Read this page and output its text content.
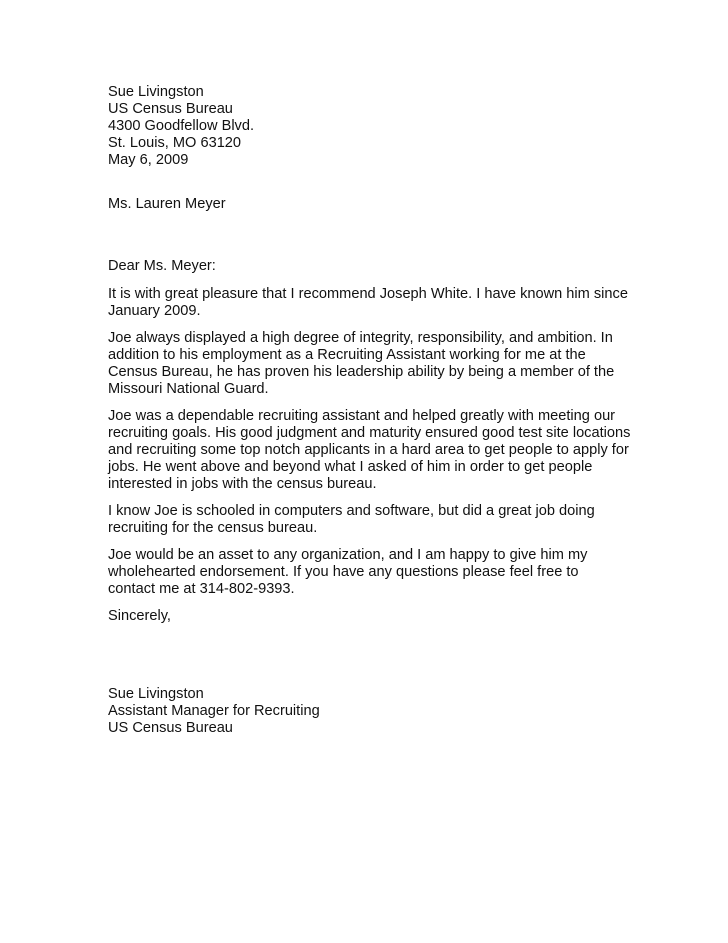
Sue Livingston
US Census Bureau
4300 Goodfellow Blvd.
St. Louis, MO 63120
May 6, 2009
Ms. Lauren Meyer
Dear Ms. Meyer:
It is with great pleasure that I recommend Joseph White. I have known him since
January 2009.
Joe always displayed a high degree of integrity, responsibility, and ambition. In
addition to his employment as a Recruiting Assistant working for me at the
Census Bureau, he has proven his leadership ability by being a member of the
Missouri National Guard.
Joe was a dependable recruiting assistant and helped greatly with meeting our
recruiting goals. His good judgment and maturity ensured good test site locations
and recruiting some top notch applicants in a hard area to get people to apply for
jobs. He went above and beyond what I asked of him in order to get people
interested in jobs with the census bureau.
I know Joe is schooled in computers and software, but did a great job doing
recruiting for the census bureau.
Joe would be an asset to any organization, and I am happy to give him my
wholehearted endorsement. If you have any questions please feel free to
contact me at 314-802-9393.
Sincerely,
Sue Livingston
Assistant Manager for Recruiting
US Census Bureau
